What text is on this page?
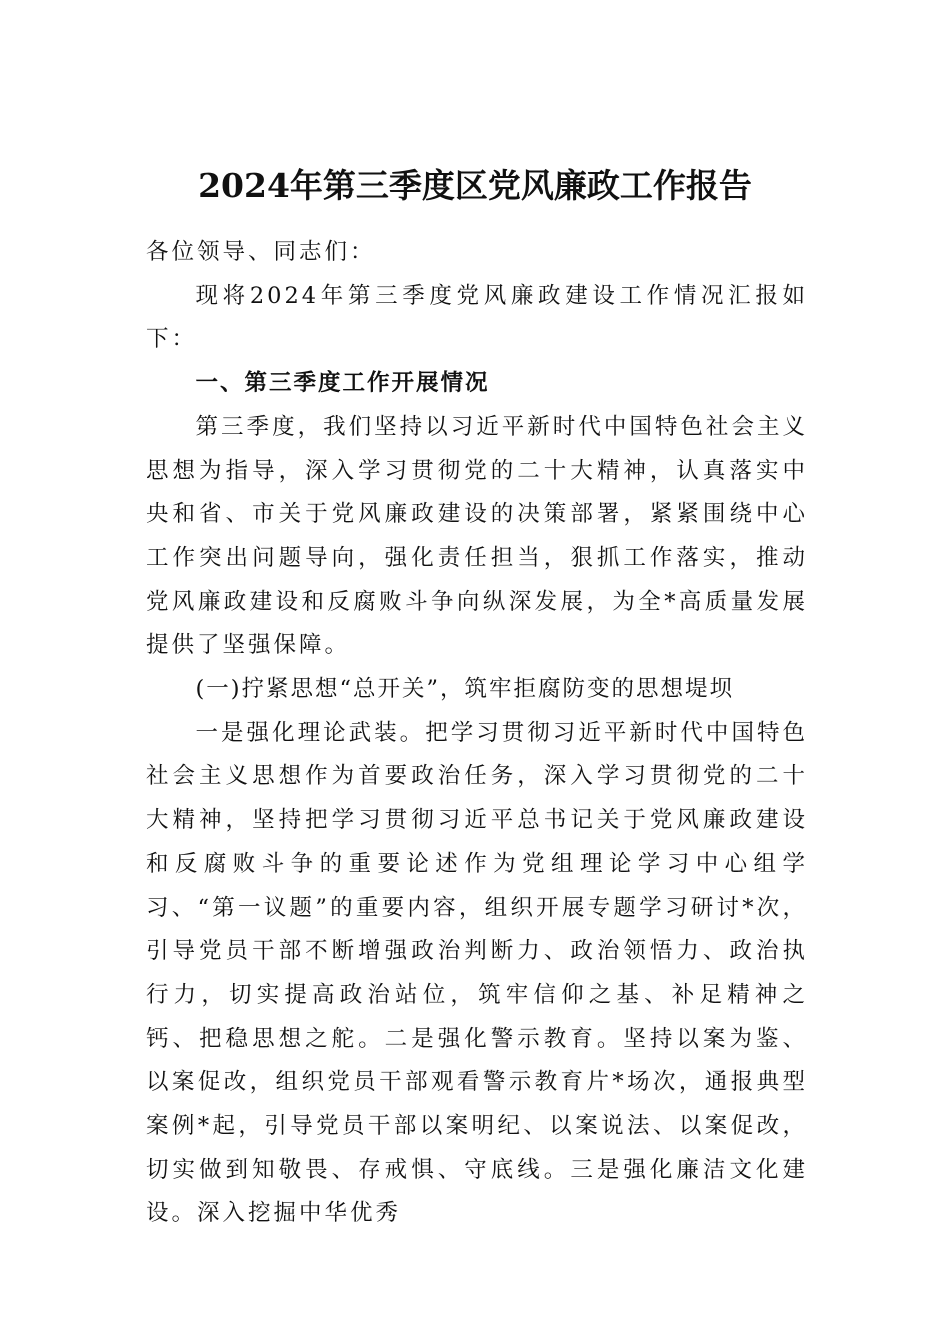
2024年第三季度区党风廉政工作报告

各位领导、同志们：

现将2024年第三季度党风廉政建设工作情况汇报如下：

一、第三季度工作开展情况

第三季度，我们坚持以习近平新时代中国特色社会主义思想为指导，深入学习贯彻党的二十大精神，认真落实中央和省、市关于党风廉政建设的决策部署，紧紧围绕中心工作突出问题导向，强化责任担当，狠抓工作落实，推动党风廉政建设和反腐败斗争向纵深发展，为全*高质量发展提供了坚强保障。

(一)拧紧思想“总开关”，筑牢拒腐防变的思想堤坝

一是强化理论武装。把学习贯彻习近平新时代中国特色社会主义思想作为首要政治任务，深入学习贯彻党的二十大精神，坚持把学习贯彻习近平总书记关于党风廉政建设和反腐败斗争的重要论述作为党组理论学习中心组学习、“第一议题”的重要内容，组织开展专题学习研讨*次，引导党员干部不断增强政治判断力、政治领悟力、政治执行力，切实提高政治站位，筑牢信仰之基、补足精神之钙、把稳思想之舵。二是强化警示教育。坚持以案为鉴、以案促改，组织党员干部观看警示教育片*场次，通报典型案例*起，引导党员干部以案明纪、以案说法、以案促改，切实做到知敬畏、存戒惧、守底线。三是强化廉洁文化建设。深入挖掘中华优秀
